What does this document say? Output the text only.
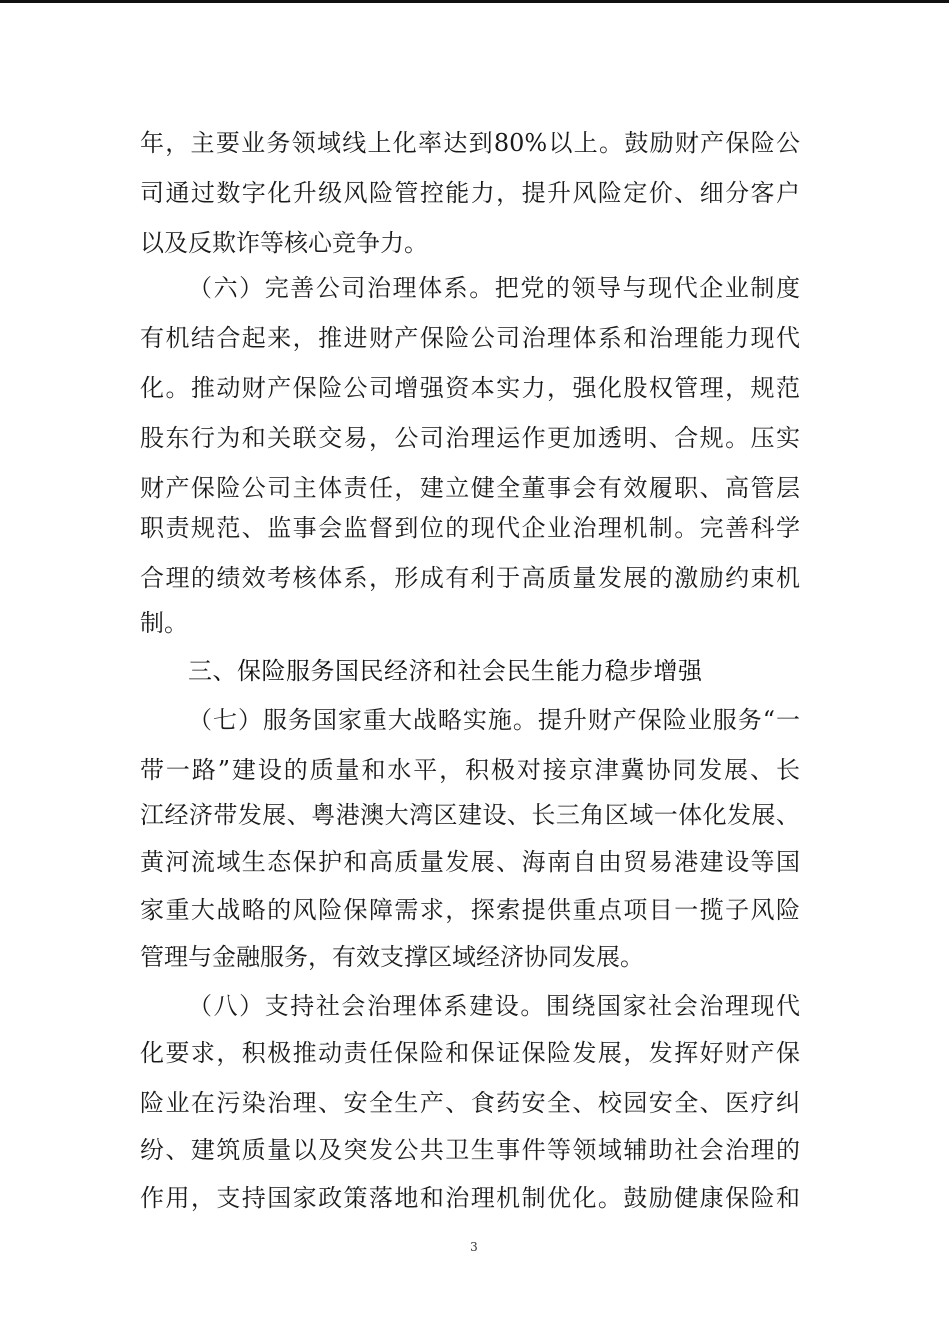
年，主要业务领域线上化率达到80%以上。鼓励财产保险公
司通过数字化升级风险管控能力，提升风险定价、细分客户
以及反欺诈等核心竞争力。
（六）完善公司治理体系。把党的领导与现代企业制度
有机结合起来，推进财产保险公司治理体系和治理能力现代
化。推动财产保险公司增强资本实力，强化股权管理，规范
股东行为和关联交易，公司治理运作更加透明、合规。压实
财产保险公司主体责任，建立健全董事会有效履职、高管层
职责规范、监事会监督到位的现代企业治理机制。完善科学
合理的绩效考核体系，形成有利于高质量发展的激励约束机
制。
三、保险服务国民经济和社会民生能力稳步增强
（七）服务国家重大战略实施。提升财产保险业服务“一
带一路”建设的质量和水平，积极对接京津冀协同发展、长
江经济带发展、粤港澳大湾区建设、长三角区域一体化发展、
黄河流域生态保护和高质量发展、海南自由贸易港建设等国
家重大战略的风险保障需求，探索提供重点项目一揽子风险
管理与金融服务，有效支撑区域经济协同发展。
（八）支持社会治理体系建设。围绕国家社会治理现代
化要求，积极推动责任保险和保证保险发展，发挥好财产保
险业在污染治理、安全生产、食药安全、校园安全、医疗纠
纷、建筑质量以及突发公共卫生事件等领域辅助社会治理的
作用，支持国家政策落地和治理机制优化。鼓励健康保险和
3
